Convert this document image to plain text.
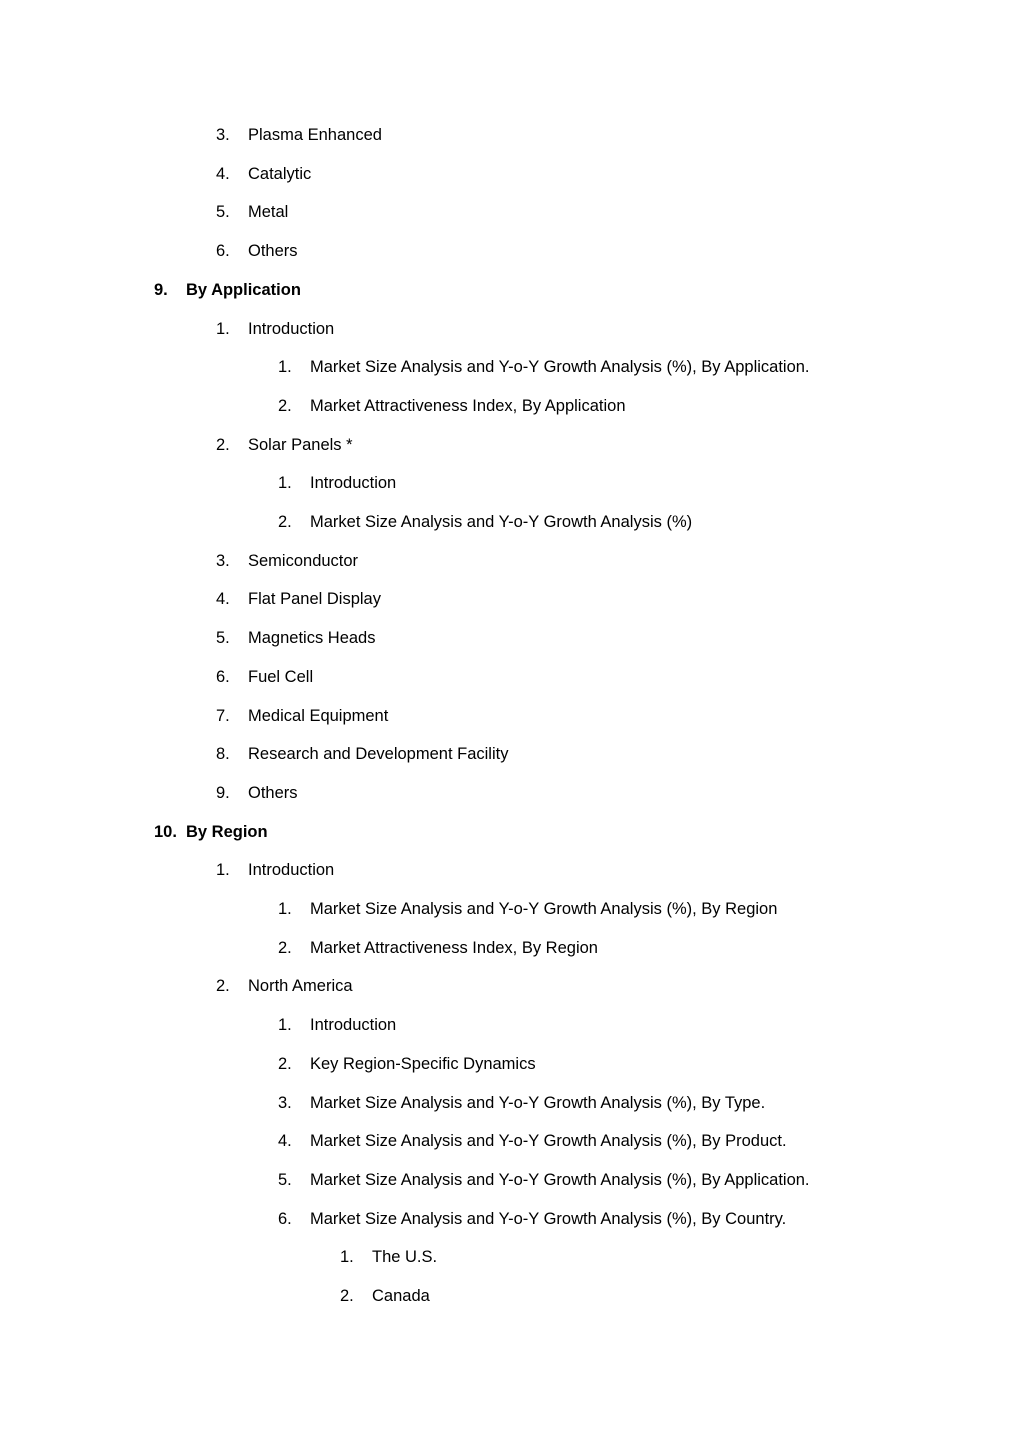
3. Plasma Enhanced
4. Catalytic
5. Metal
6. Others
9. By Application
1. Introduction
1. Market Size Analysis and Y-o-Y Growth Analysis (%), By Application.
2. Market Attractiveness Index, By Application
2. Solar Panels *
1. Introduction
2. Market Size Analysis and Y-o-Y Growth Analysis (%)
3. Semiconductor
4. Flat Panel Display
5. Magnetics Heads
6. Fuel Cell
7. Medical Equipment
8. Research and Development Facility
9. Others
10. By Region
1. Introduction
1. Market Size Analysis and Y-o-Y Growth Analysis (%), By Region
2. Market Attractiveness Index, By Region
2. North America
1. Introduction
2. Key Region-Specific Dynamics
3. Market Size Analysis and Y-o-Y Growth Analysis (%), By Type.
4. Market Size Analysis and Y-o-Y Growth Analysis (%), By Product.
5. Market Size Analysis and Y-o-Y Growth Analysis (%), By Application.
6. Market Size Analysis and Y-o-Y Growth Analysis (%), By Country.
1. The U.S.
2. Canada
